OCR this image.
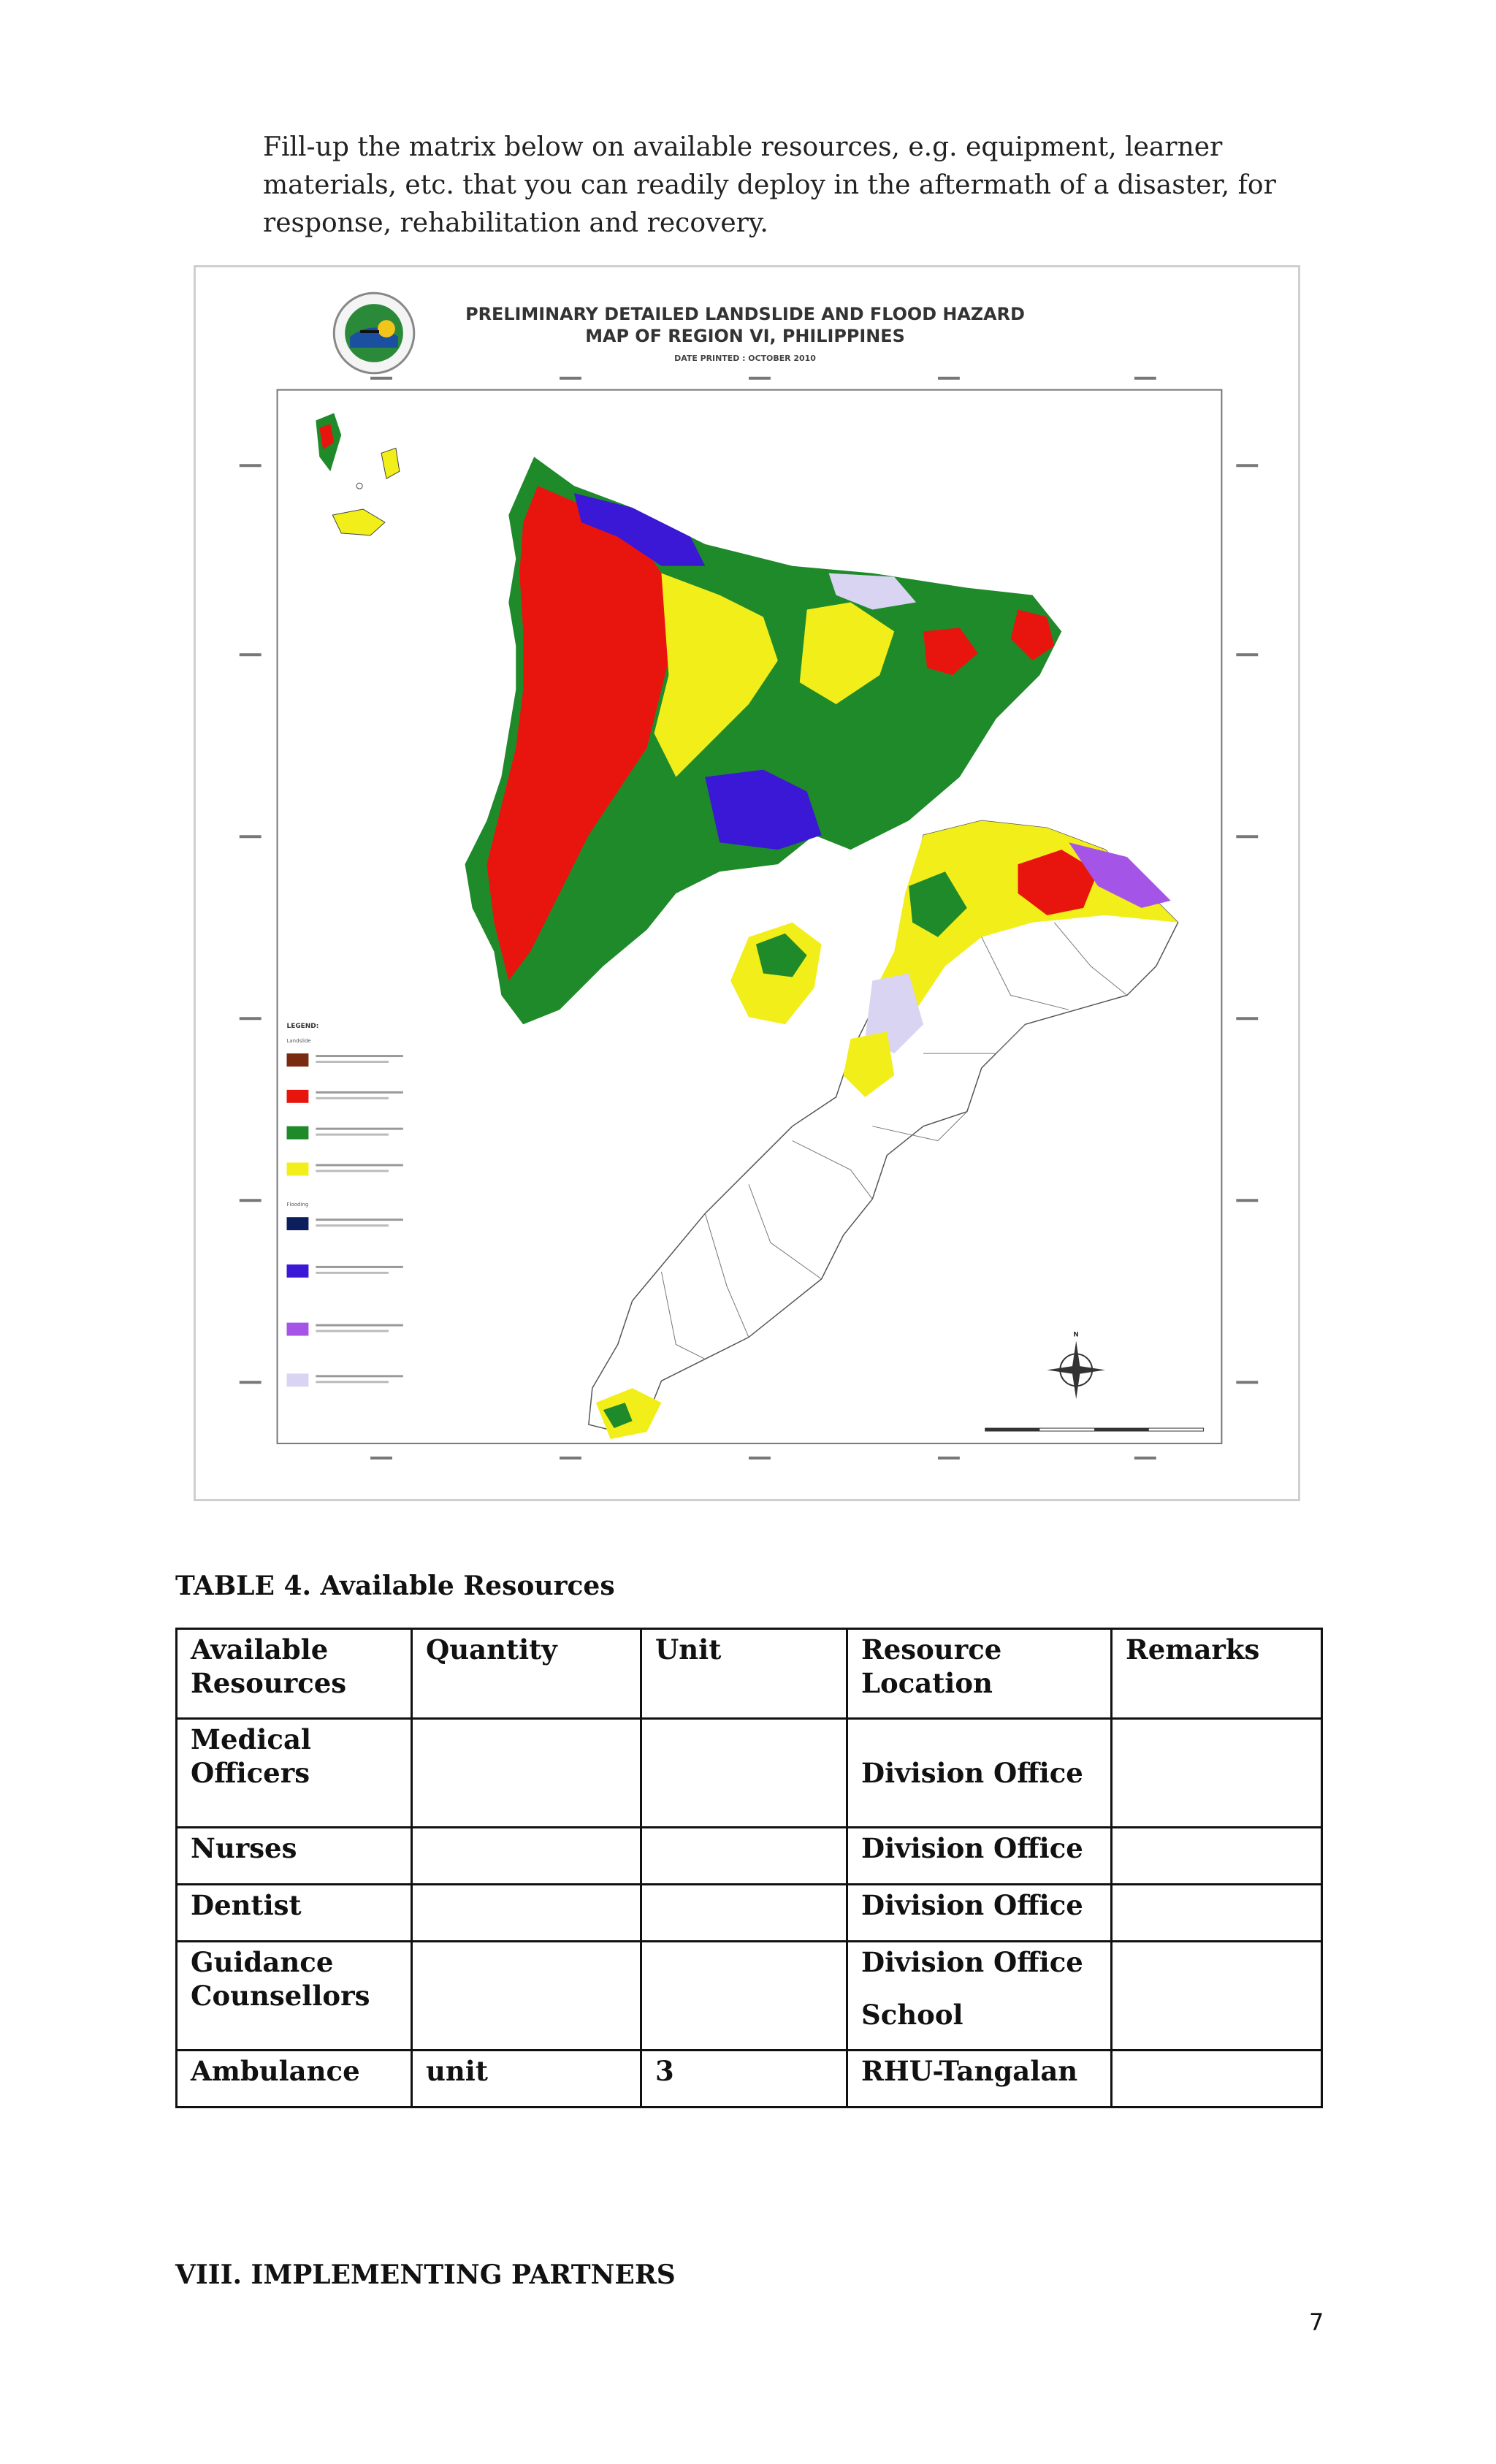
Fill-up the matrix below on available resources, e.g. equipment, learner materials, etc. that you can readily deploy in the aftermath of a disaster, for response, rehabilitation and recovery.

PRELIMINARY DETAILED LANDSLIDE AND FLOOD HAZARD
MAP OF REGION VI, PHILIPPINES
DATE PRINTED : OCTOBER 2010
LEGEND:
Landslide
Flooding
N
TABLE 4. Available Resources
Available Resources	Quantity	Unit	Resource Location	Remarks
Medical Officers			Division Office	

Nurses			Division Office	
Dentist			Division Office	
Guidance Counsellors			Division Office
School	

Ambulance	unit	3	RHU-Tangalan	
VIII. IMPLEMENTING PARTNERS
7
